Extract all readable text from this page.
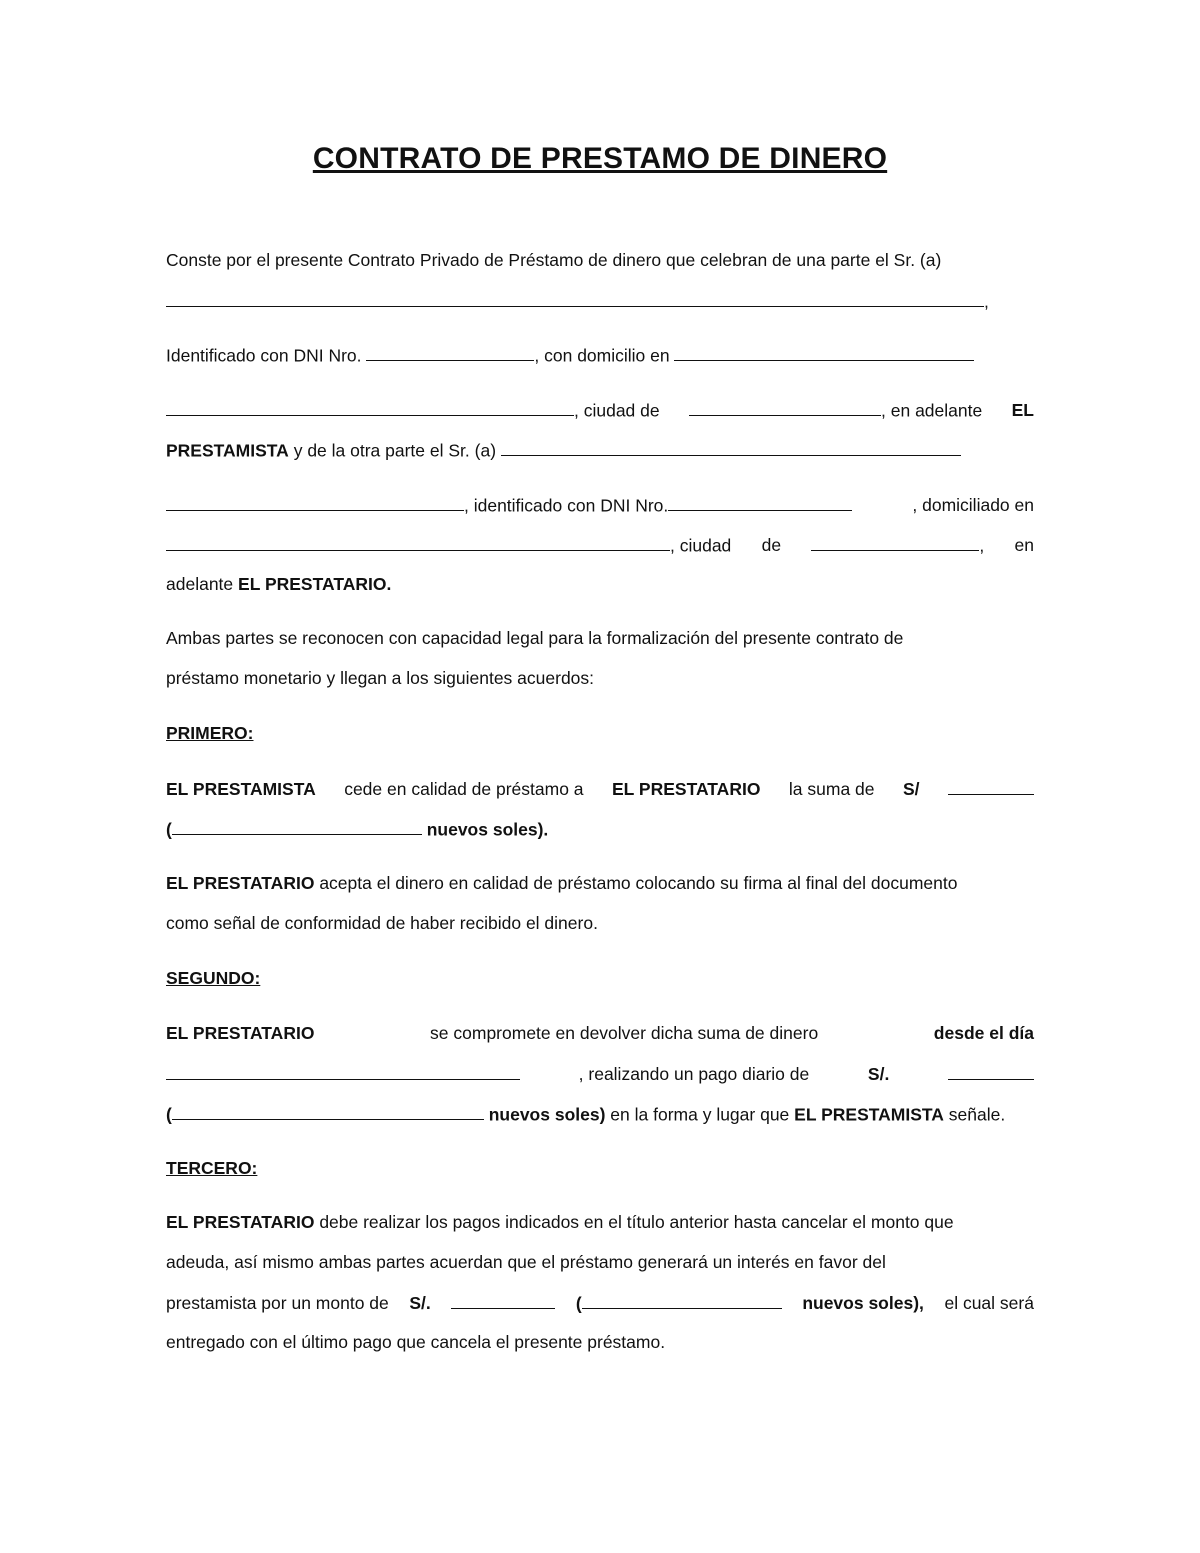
CONTRATO DE PRESTAMO DE DINERO
Conste por el presente Contrato Privado de Préstamo de dinero que celebran de una parte el Sr. (a)
,
Identificado con DNI Nro.	, con domicilio en
, ciudad de	, en adelante EL
PRESTAMISTA y de la otra parte el Sr. (a)
, identificado con DNI Nro.	, domiciliado en
, ciudad de	, en
adelante EL PRESTATARIO.
Ambas partes se reconocen con capacidad legal para la formalización del presente contrato de
préstamo monetario y llegan a los siguientes acuerdos:
PRIMERO:
EL PRESTAMISTA cede en calidad de préstamo a EL PRESTATARIO la suma de S/
(	nuevos soles).
EL PRESTATARIO acepta el dinero en calidad de préstamo colocando su firma al final del documento
como señal de conformidad de haber recibido el dinero.
SEGUNDO:
EL PRESTATARIO	se compromete en devolver dicha suma de dinero	desde el día
, realizando un pago diario de	S/.
(	nuevos soles) en la forma y lugar que EL PRESTAMISTA señale.
TERCERO:
EL PRESTATARIO debe realizar los pagos indicados en el título anterior hasta cancelar el monto que
adeuda, así mismo ambas partes acuerdan que el préstamo generará un interés en favor del
prestamista por un monto de S/.	(	nuevos soles), el cual será
entregado con el último pago que cancela el presente préstamo.
